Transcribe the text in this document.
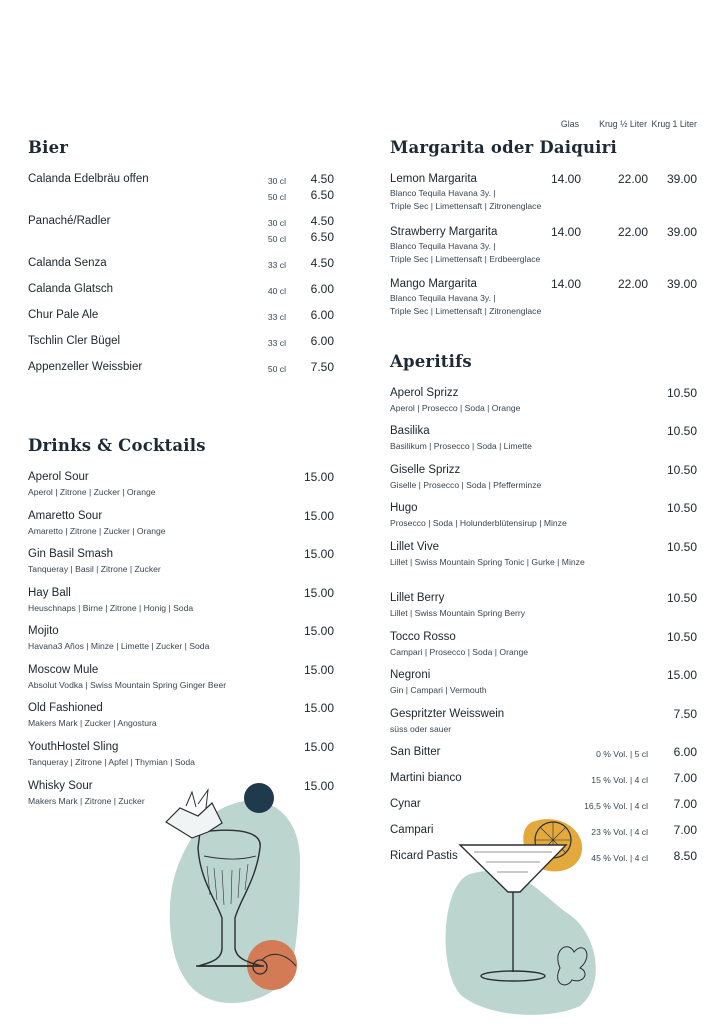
Bier
Calanda Edelbräu offen	30 cl 4.50
50 cl 6.50
Panaché/Radler	30 cl 4.50
50 cl 6.50
Calanda Senza	33 cl 4.50
Calanda Glatsch	40 cl 6.00
Chur Pale Ale	33 cl 6.00
Tschlin Cler Bügel	33 cl 6.00
Appenzeller Weissbier	50 cl 7.50
Drinks & Cocktails
Aperol Sour
Aperol | Zitrone | Zucker | Orange
15.00
Amaretto Sour
Amaretto | Zitrone | Zucker | Orange
15.00
Gin Basil Smash
Tanqueray | Basil | Zitrone | Zucker
15.00
Hay Ball
Heuschnaps | Birne | Zitrone | Honig | Soda
15.00
Mojito
Havana3 Años | Minze | Limette | Zucker | Soda
15.00
Moscow Mule
Absolut Vodka | Swiss Mountain Spring Ginger Beer
15.00
Old Fashioned
Makers Mark | Zucker | Angostura
15.00
YouthHostel Sling
Tanqueray | Zitrone | Apfel | Thymian | Soda
15.00
Whisky Sour
Makers Mark | Zitrone | Zucker
15.00
Glas Krug ½ Liter Krug 1 Liter
Margarita oder Daiquiri
Lemon Margarita
Blanco Tequila Havana 3y. |
Triple Sec | Limettensaft | Zitronenglace
14.00	22.00 39.00
Strawberry Margarita
Blanco Tequila Havana 3y. |
Triple Sec | Limettensaft | Erdbeerglace
14.00	22.00 39.00
Mango Margarita
Blanco Tequila Havana 3y. |
Triple Sec | Limettensaft | Zitronenglace
14.00	22.00 39.00
Aperitifs
Aperol Sprizz
Aperol | Prosecco | Soda | Orange
10.50
Basilika
Basilikum | Prosecco | Soda | Limette
10.50
Giselle Sprizz
Giselle | Prosecco | Soda | Pfefferminze
10.50
Hugo
Prosecco | Soda | Holunderblütensirup | Minze
10.50
Lillet Vive
Lillet | Swiss Mountain Spring Tonic | Gurke | Minze
10.50
Lillet Berry
Lillet | Swiss Mountain Spring Berry
10.50
Tocco Rosso
Campari | Prosecco | Soda | Orange
10.50
Negroni
Gin | Campari | Vermouth
15.00
Gespritzter Weisswein
süss oder sauer
7.50
San Bitter	0 % Vol. | 5 cl 6.00
Martini bianco	15 % Vol. | 4 cl 7.00
Cynar	16,5 % Vol. | 4 cl 7.00
Campari	23 % Vol. | 4 cl 7.00
Ricard Pastis	45 % Vol. | 4 cl 8.50
